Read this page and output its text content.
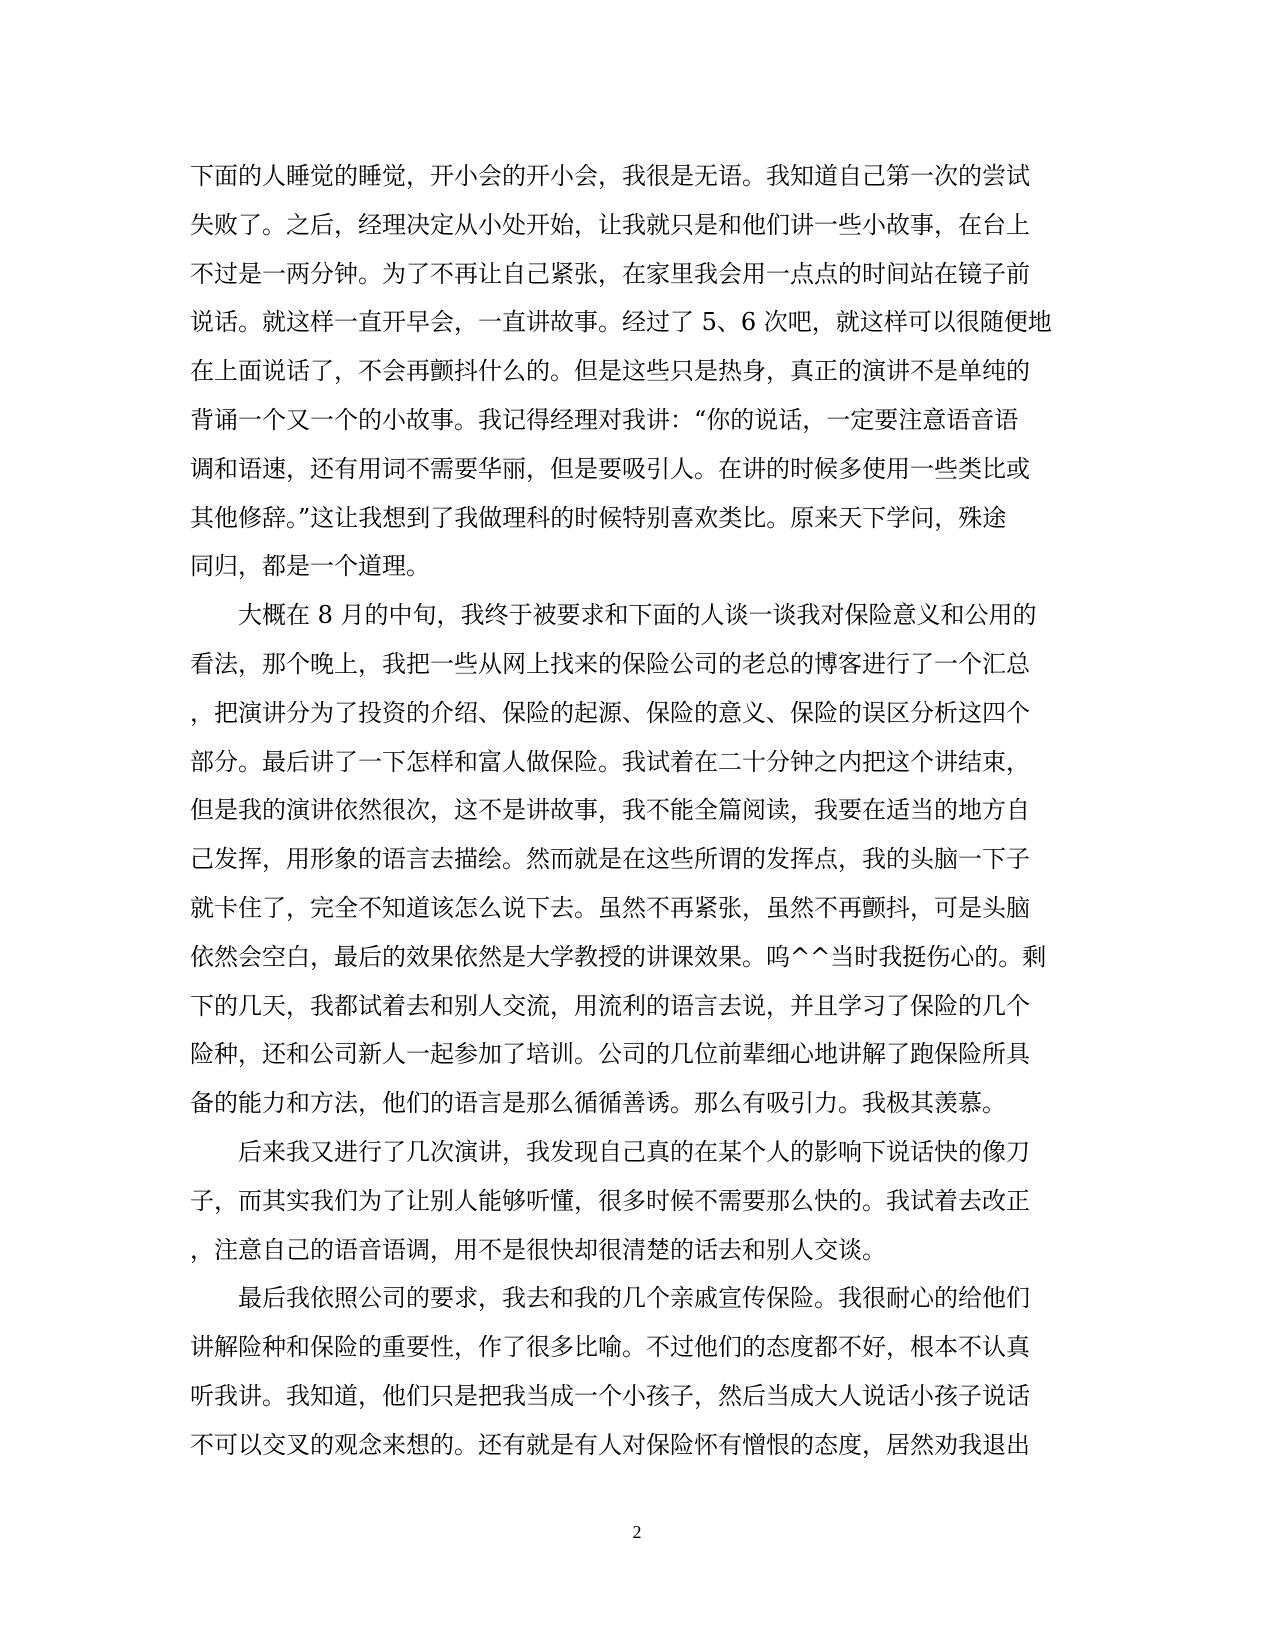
下面的人睡觉的睡觉，开小会的开小会，我很是无语。我知道自己第一次的尝试
失败了。之后，经理决定从小处开始，让我就只是和他们讲一些小故事，在台上
不过是一两分钟。为了不再让自己紧张，在家里我会用一点点的时间站在镜子前
说话。就这样一直开早会，一直讲故事。经过了 5、6 次吧，就这样可以很随便地
在上面说话了，不会再颤抖什么的。但是这些只是热身，真正的演讲不是单纯的
背诵一个又一个的小故事。我记得经理对我讲：“你的说话，一定要注意语音语
调和语速，还有用词不需要华丽，但是要吸引人。在讲的时候多使用一些类比或
其他修辞。”这让我想到了我做理科的时候特别喜欢类比。原来天下学问，殊途
同归，都是一个道理。
大概在 8 月的中旬，我终于被要求和下面的人谈一谈我对保险意义和公用的
看法，那个晚上，我把一些从网上找来的保险公司的老总的博客进行了一个汇总
，把演讲分为了投资的介绍、保险的起源、保险的意义、保险的误区分析这四个
部分。最后讲了一下怎样和富人做保险。我试着在二十分钟之内把这个讲结束，
但是我的演讲依然很次，这不是讲故事，我不能全篇阅读，我要在适当的地方自
己发挥，用形象的语言去描绘。然而就是在这些所谓的发挥点，我的头脑一下子
就卡住了，完全不知道该怎么说下去。虽然不再紧张，虽然不再颤抖，可是头脑
依然会空白，最后的效果依然是大学教授的讲课效果。呜^^当时我挺伤心的。剩
下的几天，我都试着去和别人交流，用流利的语言去说，并且学习了保险的几个
险种，还和公司新人一起参加了培训。公司的几位前辈细心地讲解了跑保险所具
备的能力和方法，他们的语言是那么循循善诱。那么有吸引力。我极其羡慕。
后来我又进行了几次演讲，我发现自己真的在某个人的影响下说话快的像刀
子，而其实我们为了让别人能够听懂，很多时候不需要那么快的。我试着去改正
，注意自己的语音语调，用不是很快却很清楚的话去和别人交谈。
最后我依照公司的要求，我去和我的几个亲戚宣传保险。我很耐心的给他们
讲解险种和保险的重要性，作了很多比喻。不过他们的态度都不好，根本不认真
听我讲。我知道，他们只是把我当成一个小孩子，然后当成大人说话小孩子说话
不可以交叉的观念来想的。还有就是有人对保险怀有憎恨的态度，居然劝我退出
2
